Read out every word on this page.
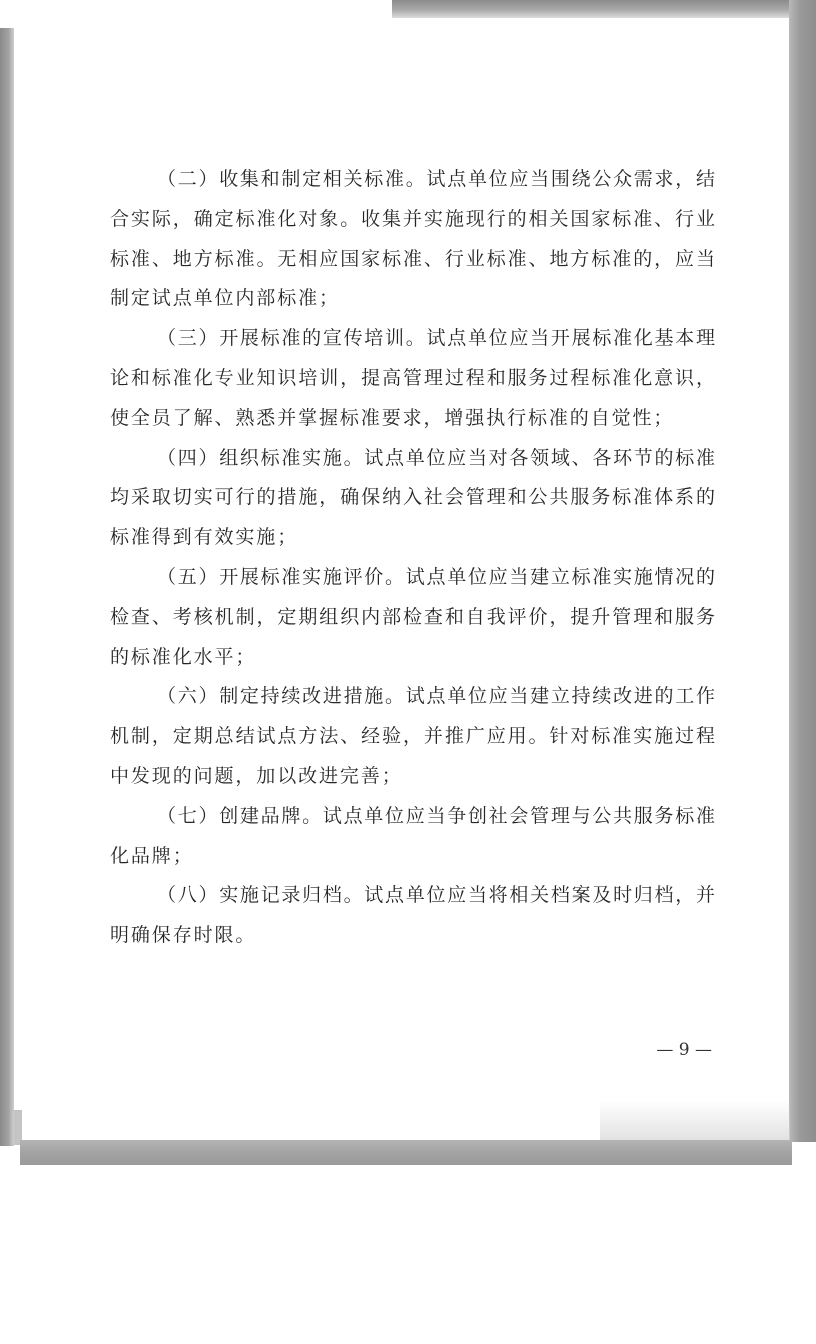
（二）收集和制定相关标准。试点单位应当围绕公众需求，结
合实际，确定标准化对象。收集并实施现行的相关国家标准、行业
标准、地方标准。无相应国家标准、行业标准、地方标准的，应当
制定试点单位内部标准；
（三）开展标准的宣传培训。试点单位应当开展标准化基本理
论和标准化专业知识培训，提高管理过程和服务过程标准化意识，
使全员了解、熟悉并掌握标准要求，增强执行标准的自觉性；
（四）组织标准实施。试点单位应当对各领域、各环节的标准
均采取切实可行的措施，确保纳入社会管理和公共服务标准体系的
标准得到有效实施；
（五）开展标准实施评价。试点单位应当建立标准实施情况的
检查、考核机制，定期组织内部检查和自我评价，提升管理和服务
的标准化水平；
（六）制定持续改进措施。试点单位应当建立持续改进的工作
机制，定期总结试点方法、经验，并推广应用。针对标准实施过程
中发现的问题，加以改进完善；
（七）创建品牌。试点单位应当争创社会管理与公共服务标准
化品牌；
（八）实施记录归档。试点单位应当将相关档案及时归档，并
明确保存时限。
— 9 —
